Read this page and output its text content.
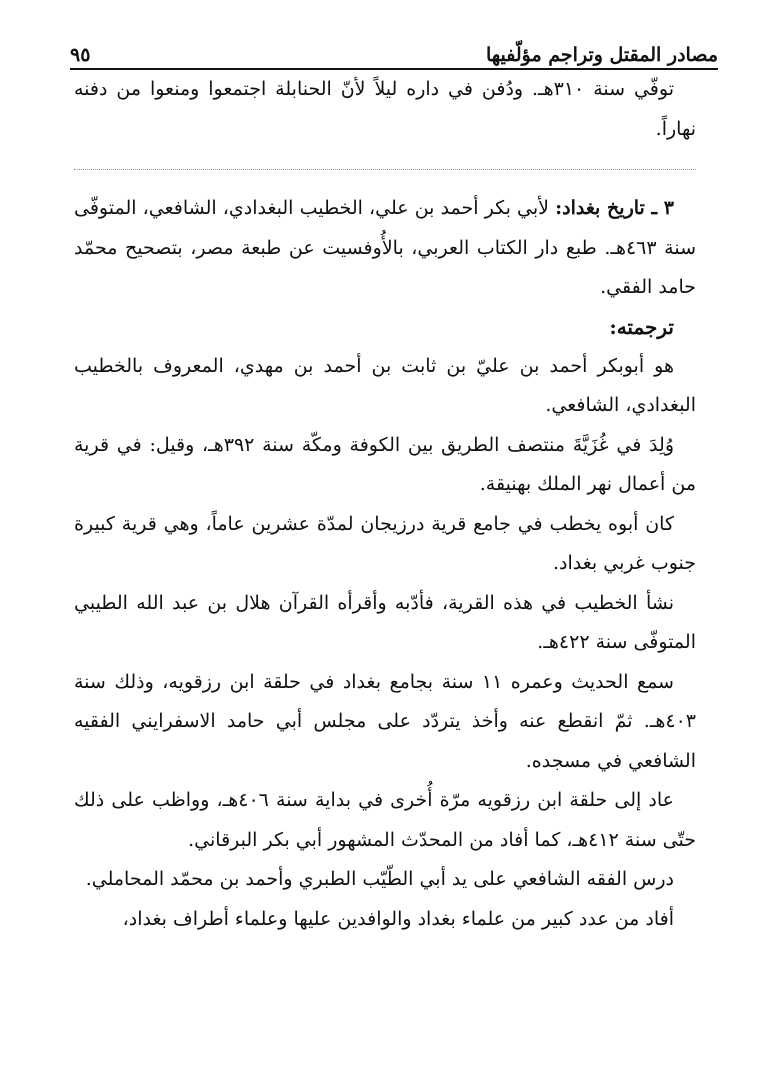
مصادر المقتل وتراجم مؤلّفيها
٩٥

توفّي سنة ٣١٠هـ. ودُفن في داره ليلاً لأنّ الحنابلة اجتمعوا ومنعوا من دفنه نهاراً.

٣ ـ تاريخ بغداد: لأبي بكر أحمد بن علي، الخطيب البغدادي، الشافعي، المتوفّى سنة ٤٦٣هـ. طبع دار الكتاب العربي، بالأُوفسيت عن طبعة مصر، بتصحيح محمّد حامد الفقي.

ترجمته:

هو أبوبكر أحمد بن عليّ بن ثابت بن أحمد بن مهدي، المعروف بالخطيب البغدادي، الشافعي.

وُلِدَ في غُزَيَّةَ منتصف الطريق بين الكوفة ومكّة سنة ٣٩٢هـ، وقيل: في قرية من أعمال نهر الملك بهنيقة.

كان أبوه يخطب في جامع قرية درزيجان لمدّة عشرين عاماً، وهي قرية كبيرة جنوب غربي بغداد.

نشأ الخطيب في هذه القرية، فأدّبه وأقرأه القرآن هلال بن عبد الله الطيبي المتوفّى سنة ٤٢٢هـ.

سمع الحديث وعمره ١١ سنة بجامع بغداد في حلقة ابن رزقويه، وذلك سنة ٤٠٣هـ. ثمّ انقطع عنه وأخذ يتردّد على مجلس أبي حامد الاسفرايني الفقيه الشافعي في مسجده.

عاد إلى حلقة ابن رزقويه مرّة أُخرى في بداية سنة ٤٠٦هـ، وواظب على ذلك حتّى سنة ٤١٢هـ، كما أفاد من المحدّث المشهور أبي بكر البرقاني.

درس الفقه الشافعي على يد أبي الطّيّب الطبري وأحمد بن محمّد المحاملي.

أفاد من عدد كبير من علماء بغداد والوافدين عليها وعلماء أطراف بغداد،
